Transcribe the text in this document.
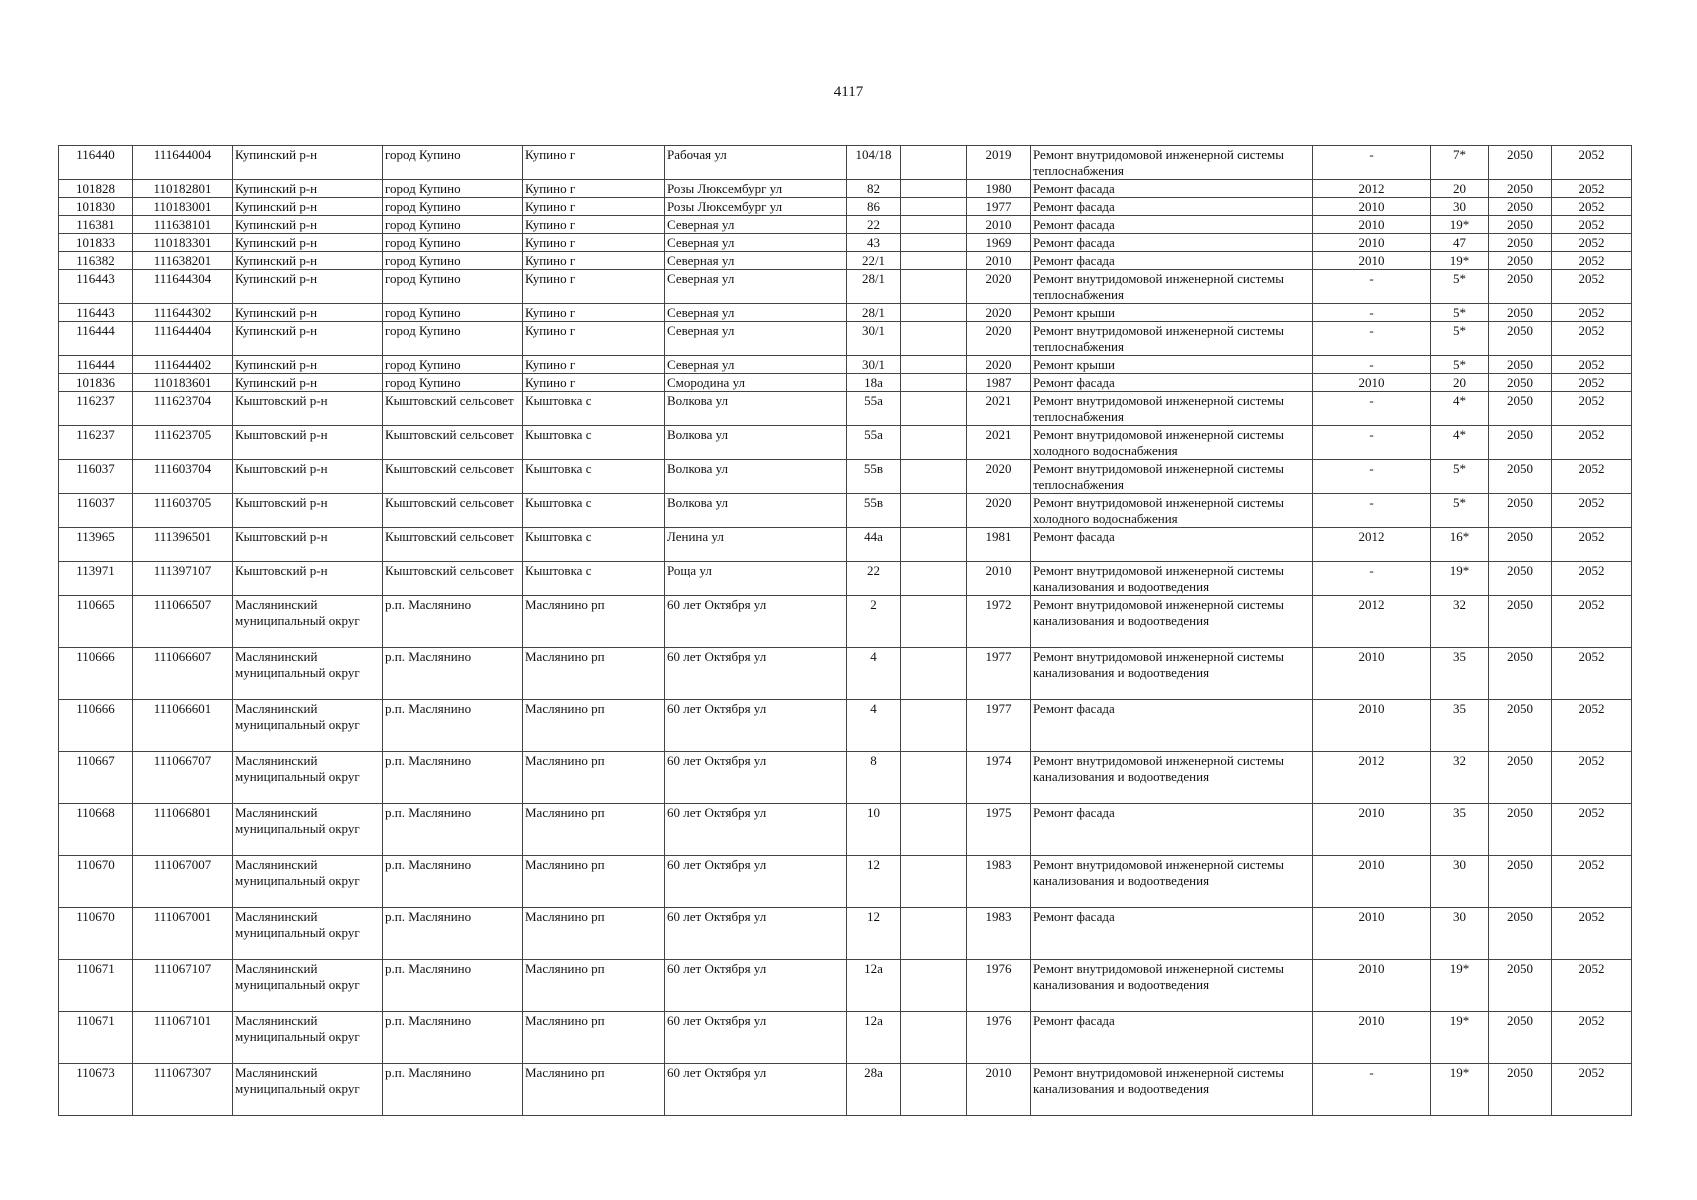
4117
116440	111644004	Купинский р-н	город Купино	Купино г	Рабочая ул	104/18		2019	Ремонт внутридомовой инженерной системы теплоснабжения	-	7*	2050	2052
101828	110182801	Купинский р-н	город Купино	Купино г	Розы Люксембург ул	82		1980	Ремонт фасада	2012	20	2050	2052
101830	110183001	Купинский р-н	город Купино	Купино г	Розы Люксембург ул	86		1977	Ремонт фасада	2010	30	2050	2052
116381	111638101	Купинский р-н	город Купино	Купино г	Северная ул	22		2010	Ремонт фасада	2010	19*	2050	2052
101833	110183301	Купинский р-н	город Купино	Купино г	Северная ул	43		1969	Ремонт фасада	2010	47	2050	2052
116382	111638201	Купинский р-н	город Купино	Купино г	Северная ул	22/1		2010	Ремонт фасада	2010	19*	2050	2052
116443	111644304	Купинский р-н	город Купино	Купино г	Северная ул	28/1		2020	Ремонт внутридомовой инженерной системы теплоснабжения	-	5*	2050	2052
116443	111644302	Купинский р-н	город Купино	Купино г	Северная ул	28/1		2020	Ремонт крыши	-	5*	2050	2052
116444	111644404	Купинский р-н	город Купино	Купино г	Северная ул	30/1		2020	Ремонт внутридомовой инженерной системы теплоснабжения	-	5*	2050	2052
116444	111644402	Купинский р-н	город Купино	Купино г	Северная ул	30/1		2020	Ремонт крыши	-	5*	2050	2052
101836	110183601	Купинский р-н	город Купино	Купино г	Смородина ул	18а		1987	Ремонт фасада	2010	20	2050	2052
116237	111623704	Кыштовский р-н	Кыштовский сельсовет	Кыштовка с	Волкова ул	55а		2021	Ремонт внутридомовой инженерной системы теплоснабжения	-	4*	2050	2052
116237	111623705	Кыштовский р-н	Кыштовский сельсовет	Кыштовка с	Волкова ул	55а		2021	Ремонт внутридомовой инженерной системы холодного водоснабжения	-	4*	2050	2052
116037	111603704	Кыштовский р-н	Кыштовский сельсовет	Кыштовка с	Волкова ул	55в		2020	Ремонт внутридомовой инженерной системы теплоснабжения	-	5*	2050	2052
116037	111603705	Кыштовский р-н	Кыштовский сельсовет	Кыштовка с	Волкова ул	55в		2020	Ремонт внутридомовой инженерной системы холодного водоснабжения	-	5*	2050	2052
113965	111396501	Кыштовский р-н	Кыштовский сельсовет	Кыштовка с	Ленина ул	44а		1981	Ремонт фасада	2012	16*	2050	2052
113971	111397107	Кыштовский р-н	Кыштовский сельсовет	Кыштовка с	Роща ул	22		2010	Ремонт внутридомовой инженерной системы канализования и водоотведения	-	19*	2050	2052
110665	111066507	Маслянинский муниципальный округ	р.п. Маслянино	Маслянино рп	60 лет Октября ул	2		1972	Ремонт внутридомовой инженерной системы канализования и водоотведения	2012	32	2050	2052
110666	111066607	Маслянинский муниципальный округ	р.п. Маслянино	Маслянино рп	60 лет Октября ул	4		1977	Ремонт внутридомовой инженерной системы канализования и водоотведения	2010	35	2050	2052
110666	111066601	Маслянинский муниципальный округ	р.п. Маслянино	Маслянино рп	60 лет Октября ул	4		1977	Ремонт фасада	2010	35	2050	2052
110667	111066707	Маслянинский муниципальный округ	р.п. Маслянино	Маслянино рп	60 лет Октября ул	8		1974	Ремонт внутридомовой инженерной системы канализования и водоотведения	2012	32	2050	2052
110668	111066801	Маслянинский муниципальный округ	р.п. Маслянино	Маслянино рп	60 лет Октября ул	10		1975	Ремонт фасада	2010	35	2050	2052
110670	111067007	Маслянинский муниципальный округ	р.п. Маслянино	Маслянино рп	60 лет Октября ул	12		1983	Ремонт внутридомовой инженерной системы канализования и водоотведения	2010	30	2050	2052
110670	111067001	Маслянинский муниципальный округ	р.п. Маслянино	Маслянино рп	60 лет Октября ул	12		1983	Ремонт фасада	2010	30	2050	2052
110671	111067107	Маслянинский муниципальный округ	р.п. Маслянино	Маслянино рп	60 лет Октября ул	12а		1976	Ремонт внутридомовой инженерной системы канализования и водоотведения	2010	19*	2050	2052
110671	111067101	Маслянинский муниципальный округ	р.п. Маслянино	Маслянино рп	60 лет Октября ул	12а		1976	Ремонт фасада	2010	19*	2050	2052
110673	111067307	Маслянинский муниципальный округ	р.п. Маслянино	Маслянино рп	60 лет Октября ул	28а		2010	Ремонт внутридомовой инженерной системы канализования и водоотведения	-	19*	2050	2052
